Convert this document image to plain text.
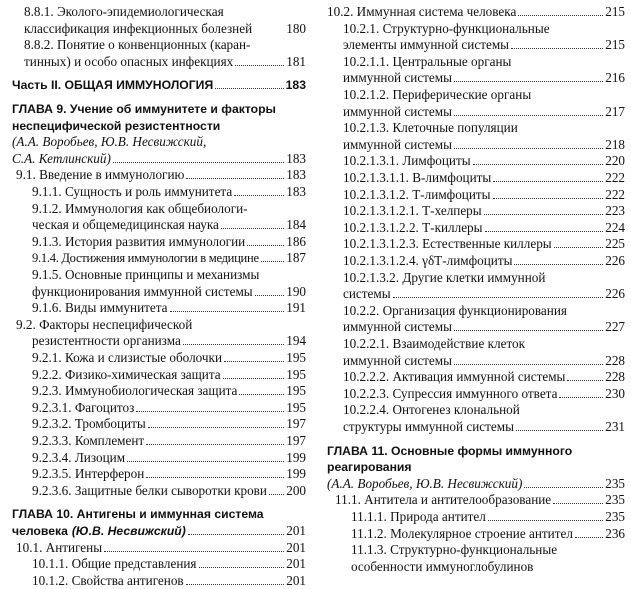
8.8.1. Эколого-эпидемиологическая
классификация инфекционных болезней	180
8.8.2. Понятие о конвенционных (каран-
тинных) и особо опасных инфекциях	181
Часть II. ОБЩАЯ ИММУНОЛОГИЯ	183
ГЛАВА 9. Учение об иммунитете и факторы
неспецифической резистентности
(А.А. Воробьев, Ю.В. Несвижский,
С.А. Кетлинский)	183
9.1. Введение в иммунологию	183
9.1.1. Сущность и роль иммунитета	183
9.1.2. Иммунология как общебиологи-
ческая и общемедицинская наука	184
9.1.3. История развития иммунологии	186
9.1.4. Достижения иммунологии в медицине 187
9.1.5. Основные принципы и механизмы
функционирования иммунной системы	190
9.1.6. Виды иммунитета	191
9.2. Факторы неспецифической
резистентности организма	194
9.2.1. Кожа и слизистые оболочки	195
9.2.2. Физико-химическая защита	195
9.2.3. Иммунобиологическая защита	195
9.2.3.1. Фагоцитоз	195
9.2.3.2. Тромбоциты	197
9.2.3.3. Комплемент	197
9.2.3.4. Лизоцим	199
9.2.3.5. Интерферон	199
9.2.3.6. Защитные белки сыворотки крови 200
ГЛАВА 10. Антигены и иммунная система
человека (Ю.В. Несвижский)	201
10.1. Антигены	201
10.1.1. Общие представления	201
10.1.2. Свойства антигенов	201
10.2. Иммунная система человека	215
10.2.1. Структурно-функциональные
элементы иммунной системы	215
10.2.1.1. Центральные органы
иммунной системы	216
10.2.1.2. Периферические органы
иммунной системы	217
10.2.1.3. Клеточные популяции
иммунной системы	218
10.2.1.3.1. Лимфоциты	220
10.2.1.3.1.1. В-лимфоциты	222
10.2.1.3.1.2. Т-лимфоциты	222
10.2.1.3.1.2.1. Т-хелперы	223
10.2.1.3.1.2.2. Т-киллеры	224
10.2.1.3.1.2.3. Естественные киллеры	225
10.2.1.3.1.2.4. γδТ-лимфоциты	226
10.2.1.3.2. Другие клетки иммунной
системы	226
10.2.2. Организация функционирования
иммунной системы	227
10.2.2.1. Взаимодействие клеток
иммунной системы	228
10.2.2.2. Активация иммунной системы	228
10.2.2.3. Супрессия иммунного ответа	230
10.2.2.4. Онтогенез клональной
структуры иммунной системы	231
ГЛАВА 11. Основные формы иммунного
реагирования
(А.А. Воробьев, Ю.В. Несвижский)	235
11.1. Антитела и антителообразование	235
11.1.1. Природа антител	235
11.1.2. Молекулярное строение антител 236
11.1.3. Структурно-функциональные
особенности иммуноглобулинов
